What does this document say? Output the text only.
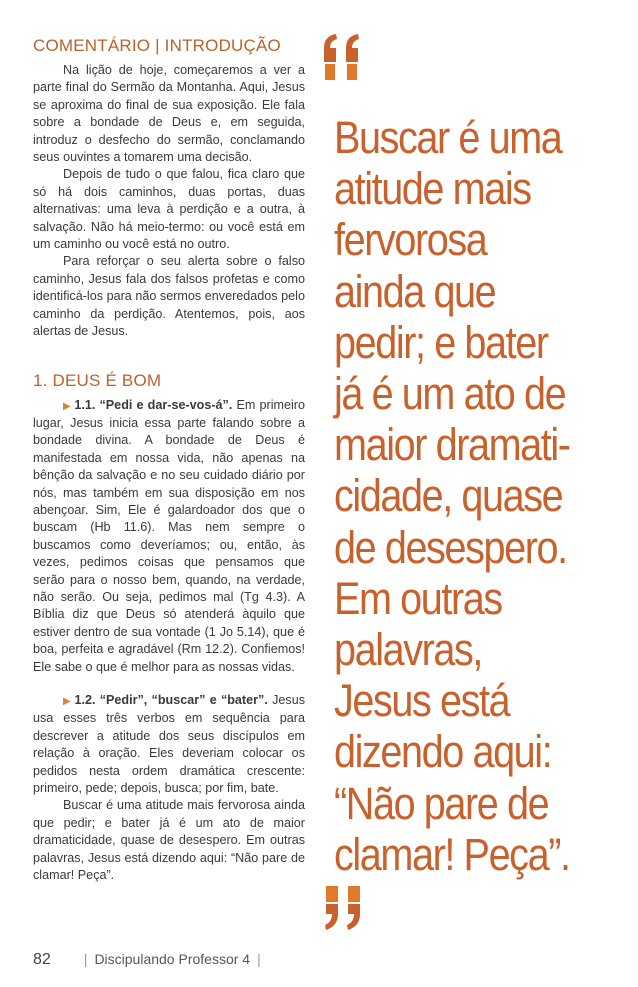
COMENTÁRIO | INTRODUÇÃO

Na lição de hoje, começaremos a ver a parte final do Sermão da Montanha. Aqui, Jesus se aproxima do final de sua exposição. Ele fala sobre a bondade de Deus e, em seguida, introduz o desfecho do sermão, conclamando seus ouvintes a tomarem uma decisão.

Depois de tudo o que falou, fica claro que só há dois caminhos, duas portas, duas alternativas: uma leva à perdição e a outra, à salvação. Não há meio-termo: ou você está em um caminho ou você está no outro.

Para reforçar o seu alerta sobre o falso caminho, Jesus fala dos falsos profetas e como identificá-los para não sermos enveredados pelo caminho da perdição. Atentemos, pois, aos alertas de Jesus.

1. DEUS É BOM

▶ 1.1. “Pedi e dar-se-vos-á”. Em primeiro lugar, Jesus inicia essa parte falando sobre a bondade divina. A bondade de Deus é manifestada em nossa vida, não apenas na bênção da salvação e no seu cuidado diário por nós, mas também em sua disposição em nos abençoar. Sim, Ele é galardoador dos que o buscam (Hb 11.6). Mas nem sempre o buscamos como deveríamos; ou, então, às vezes, pedimos coisas que pensamos que serão para o nosso bem, quando, na verdade, não serão. Ou seja, pedimos mal (Tg 4.3). A Bíblia diz que Deus só atenderá àquilo que estiver dentro de sua vontade (1 Jo 5.14), que é boa, perfeita e agradável (Rm 12.2). Confiemos! Ele sabe o que é melhor para as nossas vidas.

▶ 1.2. “Pedir”, “buscar” e “bater”. Jesus usa esses três verbos em sequência para descrever a atitude dos seus discípulos em relação à oração. Eles deveriam colocar os pedidos nesta ordem dramática crescente: primeiro, pede; depois, busca; por fim, bate.

Buscar é uma atitude mais fervorosa ainda que pedir; e bater já é um ato de maior dramaticidade, quase de desespero. Em outras palavras, Jesus está dizendo aqui: “Não pare de clamar! Peça”.

Buscar é uma
atitude mais
fervorosa
ainda que
pedir; e bater
já é um ato de
maior dramati-
cidade, quase
de desespero.
Em outras
palavras,
Jesus está
dizendo aqui:
“Não pare de
clamar! Peça”.
82 | Discipulando Professor 4 |
